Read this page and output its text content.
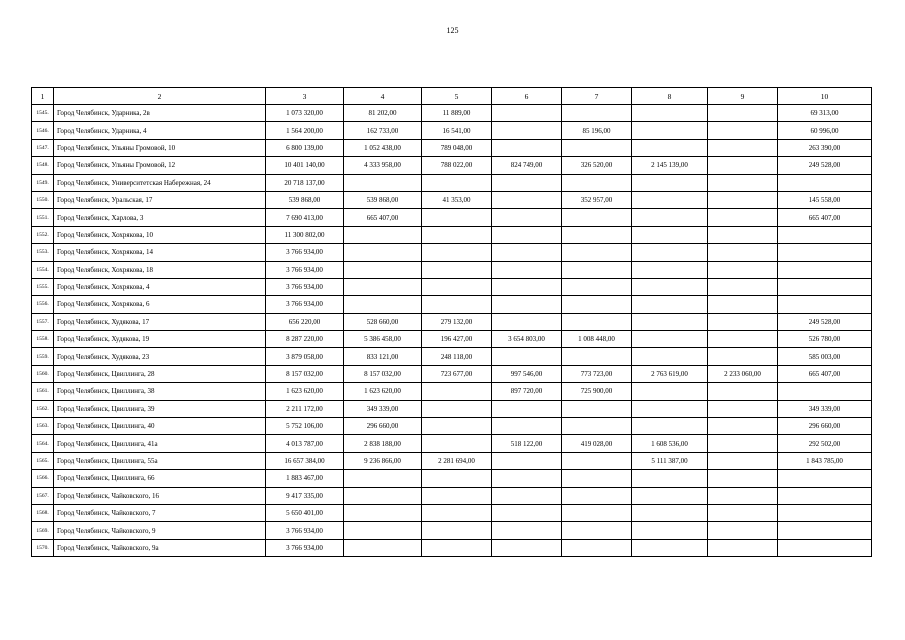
125
1	2	3	4	5	6	7	8	9	10
1545.	Город Челябинск, Ударника, 2в	1 073 320,00	81 202,00	11 889,00					69 313,00
1546.	Город Челябинск, Ударника, 4	1 564 200,00	162 733,00	16 541,00		85 196,00			60 996,00
1547.	Город Челябинск, Ульяны Громовой, 10	6 800 139,00	1 052 438,00	789 048,00					263 390,00
1548.	Город Челябинск, Ульяны Громовой, 12	10 401 140,00	4 333 958,00	788 022,00	824 749,00	326 520,00	2 145 139,00		249 528,00
1549.	Город Челябинск, Университетская Набережная, 24	20 718 137,00							
1550.	Город Челябинск, Уральская, 17	539 868,00	539 868,00	41 353,00		352 957,00			145 558,00
1551.	Город Челябинск, Харлова, 3	7 690 413,00	665 407,00						665 407,00
1552.	Город Челябинск, Хохрякова, 10	11 300 802,00							
1553.	Город Челябинск, Хохрякова, 14	3 766 934,00							
1554.	Город Челябинск, Хохрякова, 18	3 766 934,00							
1555.	Город Челябинск, Хохрякова, 4	3 766 934,00							
1556.	Город Челябинск, Хохрякова, 6	3 766 934,00							
1557.	Город Челябинск, Худякова, 17	656 220,00	528 660,00	279 132,00					249 528,00
1558.	Город Челябинск, Худякова, 19	8 287 220,00	5 386 458,00	196 427,00	3 654 803,00	1 008 448,00			526 780,00
1559.	Город Челябинск, Худякова, 23	3 879 058,00	833 121,00	248 118,00					585 003,00
1560.	Город Челябинск, Цвиллинга, 28	8 157 032,00	8 157 032,00	723 677,00	997 546,00	773 723,00	2 763 619,00	2 233 060,00	665 407,00
1561.	Город Челябинск, Цвиллинга, 38	1 623 620,00	1 623 620,00		897 720,00	725 900,00			
1562.	Город Челябинск, Цвиллинга, 39	2 211 172,00	349 339,00						349 339,00
1563.	Город Челябинск, Цвиллинга, 40	5 752 106,00	296 660,00						296 660,00
1564.	Город Челябинск, Цвиллинга, 41а	4 013 787,00	2 838 188,00		518 122,00	419 028,00	1 608 536,00		292 502,00
1565.	Город Челябинск, Цвиллинга, 55а	16 657 384,00	9 236 866,00	2 281 694,00			5 111 387,00		1 843 785,00
1566.	Город Челябинск, Цвиллинга, 66	1 883 467,00							
1567.	Город Челябинск, Чайковского, 16	9 417 335,00							
1568.	Город Челябинск, Чайковского, 7	5 650 401,00							
1569.	Город Челябинск, Чайковского, 9	3 766 934,00							
1570.	Город Челябинск, Чайковского, 9а	3 766 934,00							
